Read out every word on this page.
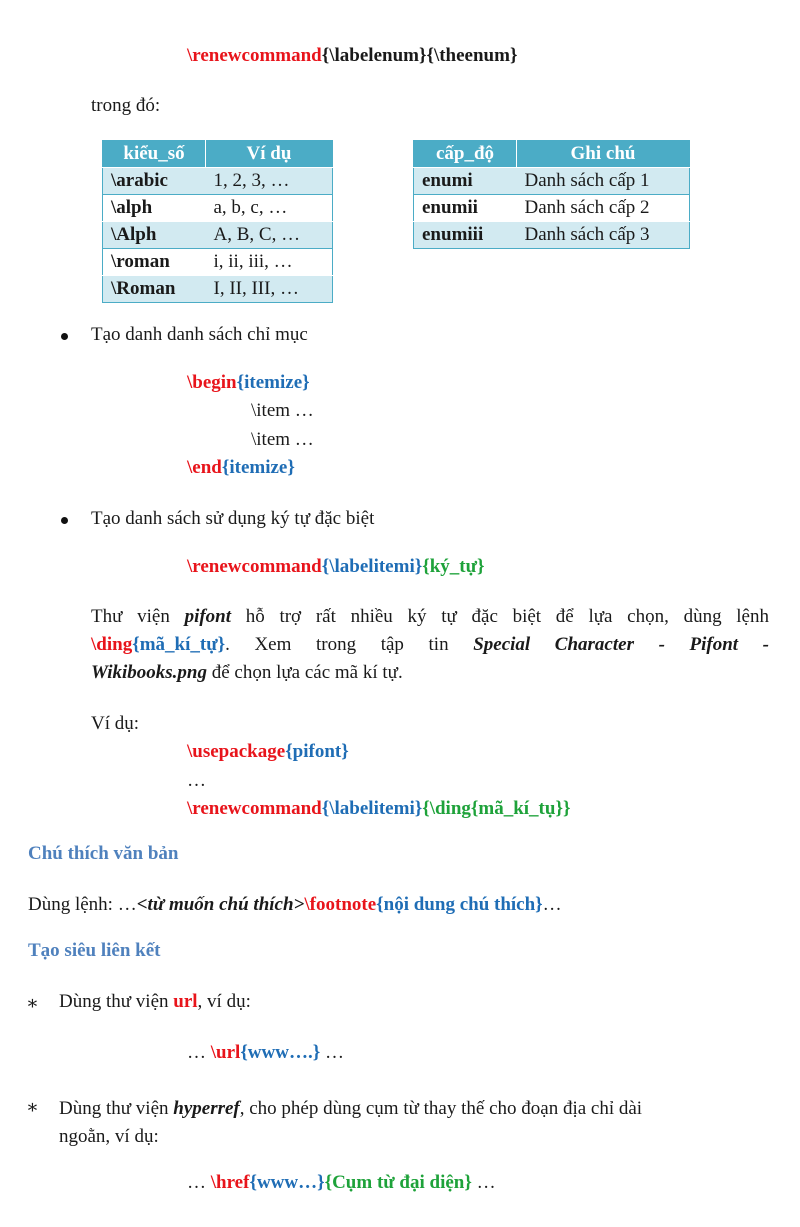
\renewcommand{\labelenum}{\theenum}
trong đó:
kiểu_số	Ví dụ
\arabic	1, 2, 3, …
\alph	a, b, c, …
\Alph	A, B, C, …
\roman	i, ii, iii, …
\Roman	I, II, III, …
cấp_độ	Ghi chú
enumi	Danh sách cấp 1
enumii	Danh sách cấp 2
enumiii	Danh sách cấp 3
Tạo danh danh sách chỉ mục
\begin{itemize}
\item …
\item …
\end{itemize}
Tạo danh sách sử dụng ký tự đặc biệt
\renewcommand{\labelitemi}{ký_tự}
Thư viện pifont hỗ trợ rất nhiều ký tự đặc biệt để lựa chọn, dùng lệnh
\ding{mã_kí_tự}. Xem trong tập tin Special Character - Pifont -
Wikibooks.png để chọn lựa các mã kí tự.
Ví dụ:
\usepackage{pifont}
…
\renewcommand{\labelitemi}{\ding{mã_kí_tụ}}
Chú thích văn bản
Dùng lệnh: …<từ muốn chú thích>\footnote{nội dung chú thích}…
Tạo siêu liên kết
∗ Dùng thư viện url, ví dụ:
… \url{www….} …
∗ Dùng thư viện hyperref, cho phép dùng cụm từ thay thế cho đoạn địa chỉ dài
ngoằn, ví dụ:
… \href{www…}{Cụm từ đại diện} …
